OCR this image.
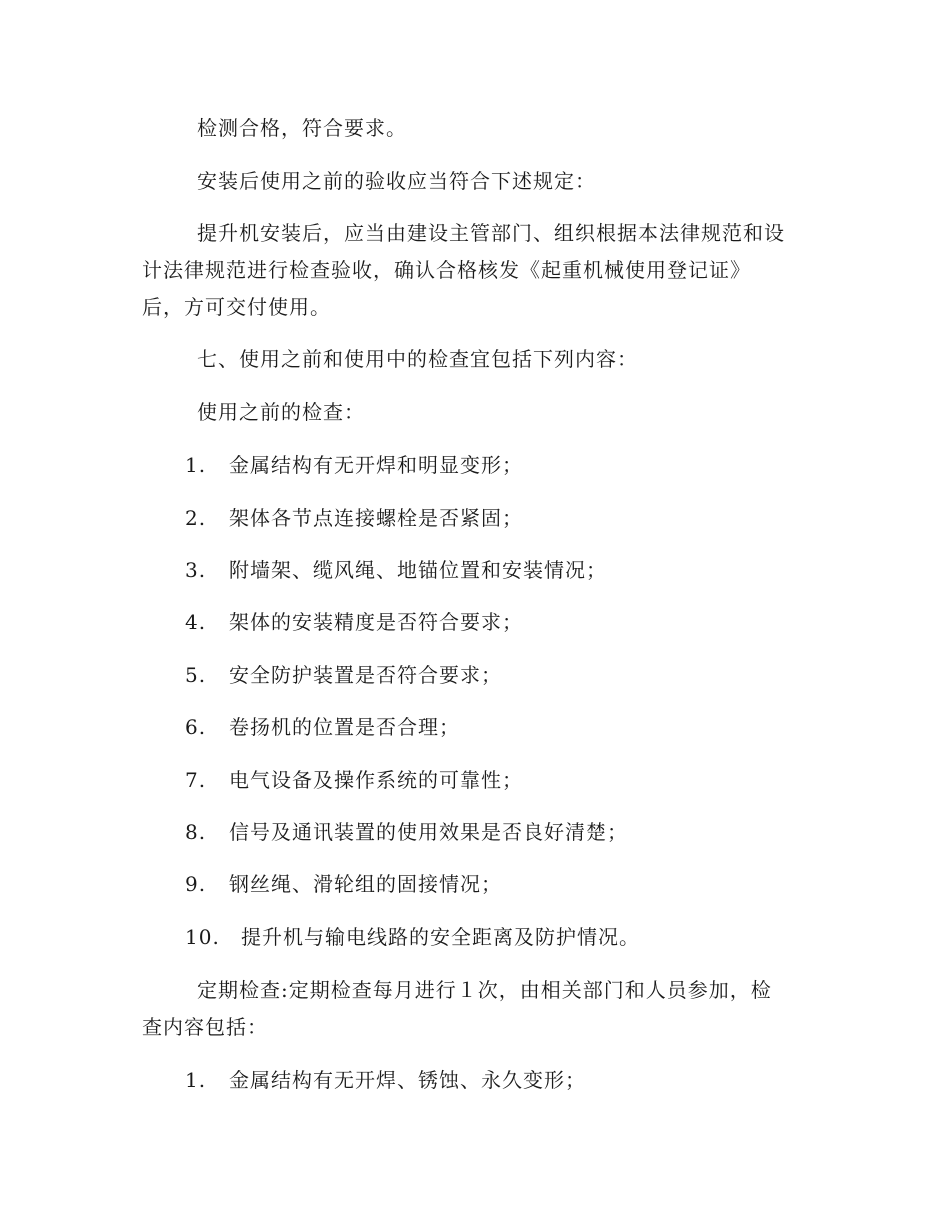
检测合格，符合要求。
安装后使用之前的验收应当符合下述规定：
提升机安装后，应当由建设主管部门、组织根据本法律规范和设
计法律规范进行检查验收，确认合格核发《起重机械使用登记证》
后，方可交付使用。
七、使用之前和使用中的检查宜包括下列内容：
使用之前的检查：
1. 金属结构有无开焊和明显变形；
2. 架体各节点连接螺栓是否紧固；
3. 附墙架、缆风绳、地锚位置和安装情况；
4. 架体的安装精度是否符合要求；
5. 安全防护装置是否符合要求；
6. 卷扬机的位置是否合理；
7. 电气设备及操作系统的可靠性；
8. 信号及通讯装置的使用效果是否良好清楚；
9. 钢丝绳、滑轮组的固接情况；
10. 提升机与输电线路的安全距离及防护情况。
定期检查:定期检查每月进行１次，由相关部门和人员参加，检
查内容包括：
1. 金属结构有无开焊、锈蚀、永久变形；
